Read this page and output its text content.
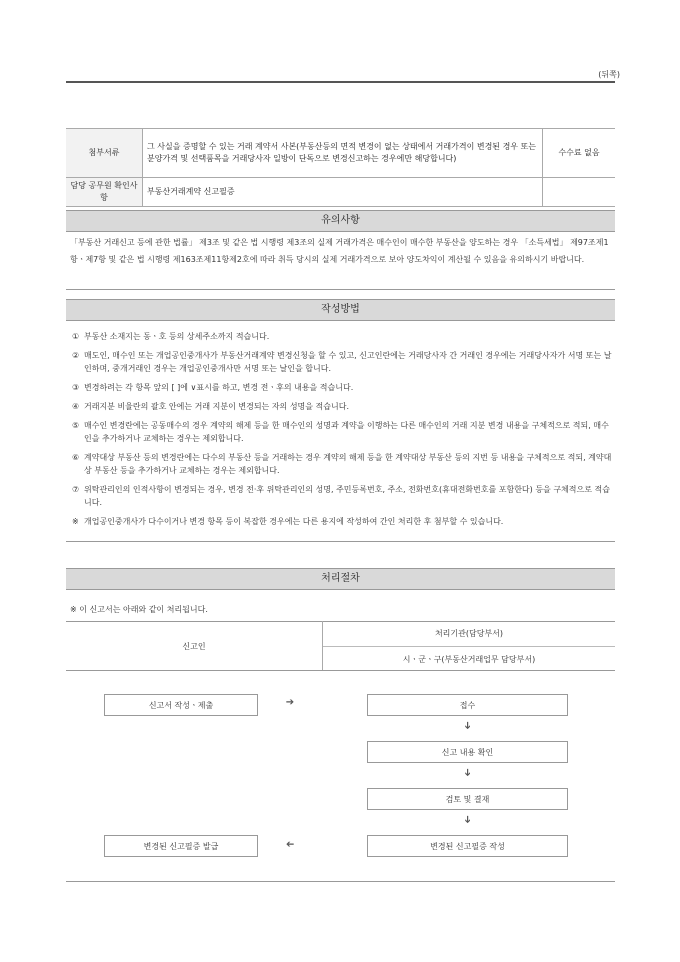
(뒤쪽)
첨부서류	그 사실을 증명할 수 있는 거래 계약서 사본(부동산등의 면적 변경이 없는 상태에서 거래가격이 변경된 경우 또는 분양가격 및 선택품목을 거래당사자 일방이 단독으로 변경신고하는 경우에만 해당합니다)	수수료 없음
담당 공무원 확인사항	부동산거래계약 신고필증	
유의사항
「부동산 거래신고 등에 관한 법률」 제3조 및 같은 법 시행령 제3조의 실제 거래가격은 매수인이 매수한 부동산을 양도하는 경우 「소득세법」 제97조제1항ㆍ제7항 및 같은 법 시행령 제163조제11항제2호에 따라 취득 당시의 실제 거래가격으로 보아 양도차익이 계산될 수 있음을 유의하시기 바랍니다.
작성방법
① 부동산 소재지는 동ㆍ호 등의 상세주소까지 적습니다.
② 매도인, 매수인 또는 개업공인중개사가 부동산거래계약 변경신청을 할 수 있고, 신고인란에는 거래당사자 간 거래인 경우에는 거래당사자가 서명 또는 날인하며, 중개거래인 경우는 개업공인중개사만 서명 또는 날인을 합니다.
③ 변경하려는 각 항목 앞의 [ ]에 ∨표시를 하고, 변경 전ㆍ후의 내용을 적습니다.
④ 거래지분 비율란의 괄호 안에는 거래 지분이 변경되는 자의 성명을 적습니다.
⑤ 매수인 변경란에는 공동매수의 경우 계약의 해제 등을 한 매수인의 성명과 계약을 이행하는 다른 매수인의 거래 지분 변경 내용을 구체적으로 적되, 매수인을 추가하거나 교체하는 경우는 제외합니다.
⑥ 계약대상 부동산 등의 변경란에는 다수의 부동산 등을 거래하는 경우 계약의 해제 등을 한 계약대상 부동산 등의 지번 등 내용을 구체적으로 적되, 계약대상 부동산 등을 추가하거나 교체하는 경우는 제외합니다.
⑦ 위탁관리인의 인적사항이 변경되는 경우, 변경 전·후 위탁관리인의 성명, 주민등록번호, 주소, 전화번호(휴대전화번호를 포함한다) 등을 구체적으로 적습니다.
※ 개업공인중개사가 다수이거나 변경 항목 등이 복잡한 경우에는 다른 용지에 작성하여 간인 처리한 후 첨부할 수 있습니다.
처리절차
※ 이 신고서는 아래와 같이 처리됩니다.
신고인
처리기관(담당부서)
시ㆍ군ㆍ구(부동산거래업무 담당부서)
신고서 작성ㆍ제출	➔	접수
➔
신고 내용 확인
➔
검토 및 결재
➔
변경된 신고필증 발급	➔	변경된 신고필증 작성
